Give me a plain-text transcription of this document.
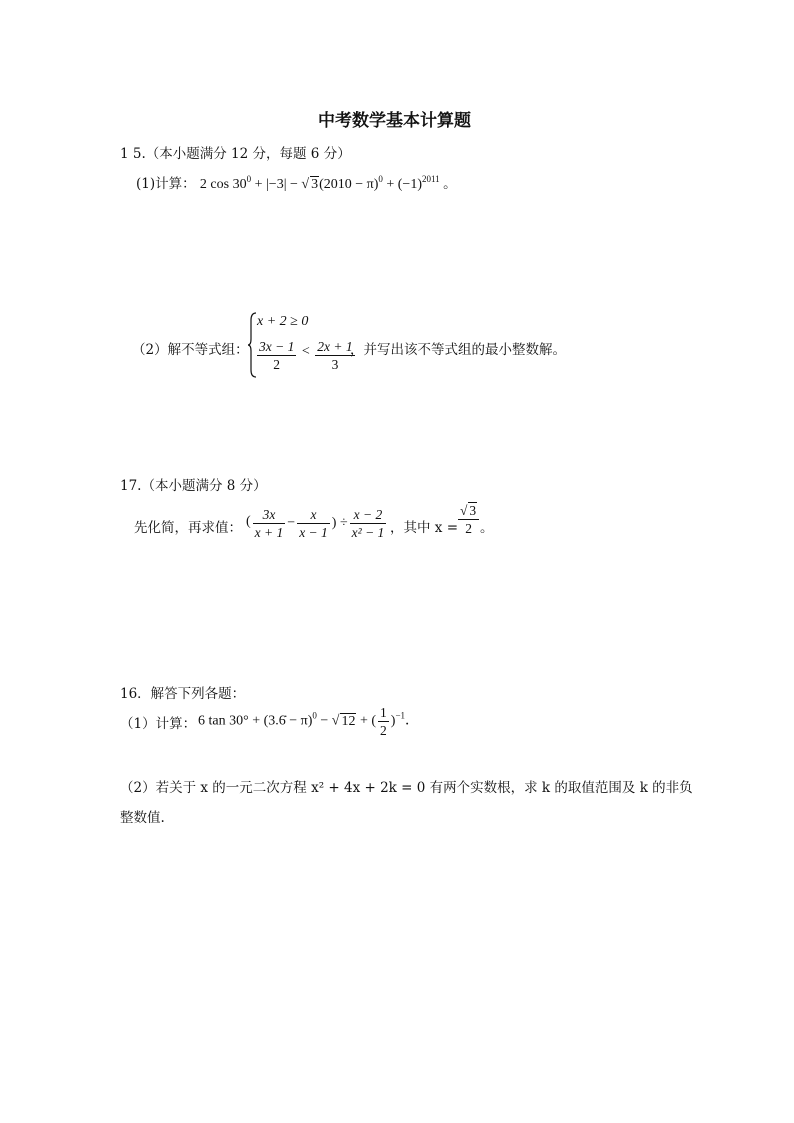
中考数学基本计算题
1 5.（本小题满分 12 分，每题 6 分）
(1)计算： 2 $\cos 30^0 + |-3|$ − √ $3(2010 - \pi)^0 + (-1)^{2011}$ 。
（2）解不等式组：
x + 2 ≥ 0
$\frac{3x - 1}{2} < \frac{2x + 1}{3}$
，并写出该不等式组的最小整数解。
17.（本小题满分 8 分）
先化简，再求值： ( $\frac{3x}{x + 1} - \frac{x}{x - 1}$ ) ÷ $\frac{x - 2}{\text{x² − 1}}$ ，其中 $x = \frac{√ 3}{2}$ 。
16．解答下列各题：
（1）计算： 6 tan 30° + (3.6̇ − π)$^0$ − √ 12 + ( $\frac{1}{2} )^{-1}$．
（2）若关于 x 的一元二次方程 x² + 4x + 2k = 0 有两个实数根，求 k 的取值范围及 k 的非负
整数值.
